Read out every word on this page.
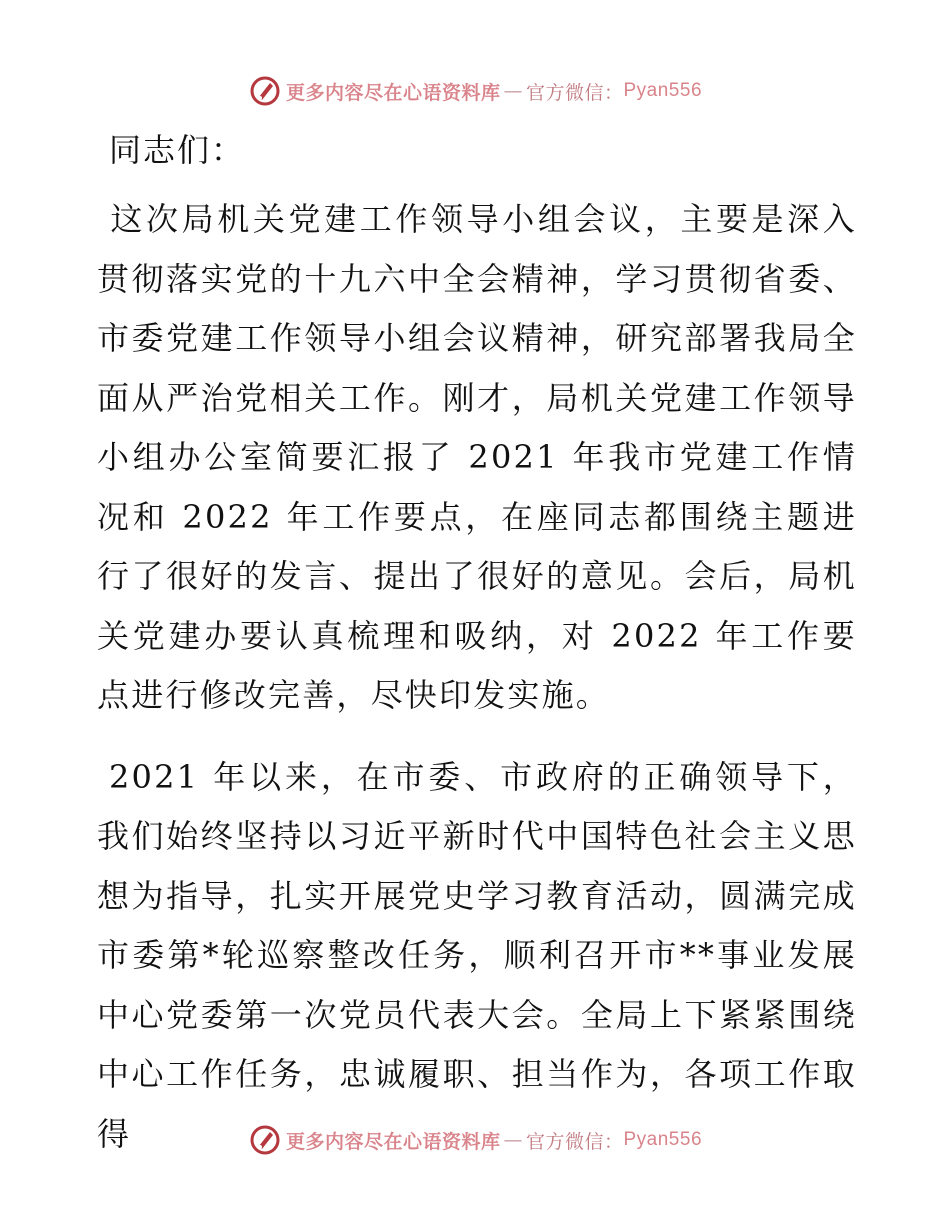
更多内容尽在心语资料库 — 官方微信： Pyan556

同志们：

这次局机关党建工作领导小组会议，主要是深入贯彻落实党的十九六中全会精神，学习贯彻省委、市委党建工作领导小组会议精神，研究部署我局全面从严治党相关工作。刚才，局机关党建工作领导小组办公室简要汇报了 2021 年我市党建工作情况和 2022 年工作要点，在座同志都围绕主题进行了很好的发言、提出了很好的意见。会后，局机关党建办要认真梳理和吸纳，对 2022 年工作要点进行修改完善，尽快印发实施。

2021 年以来，在市委、市政府的正确领导下，我们始终坚持以习近平新时代中国特色社会主义思想为指导，扎实开展党史学习教育活动，圆满完成市委第*轮巡察整改任务，顺利召开市**事业发展中心党委第一次党员代表大会。全局上下紧紧围绕中心工作任务，忠诚履职、担当作为，各项工作取得	更多内容尽在心语资料库 — 官方微信： Pyan556
